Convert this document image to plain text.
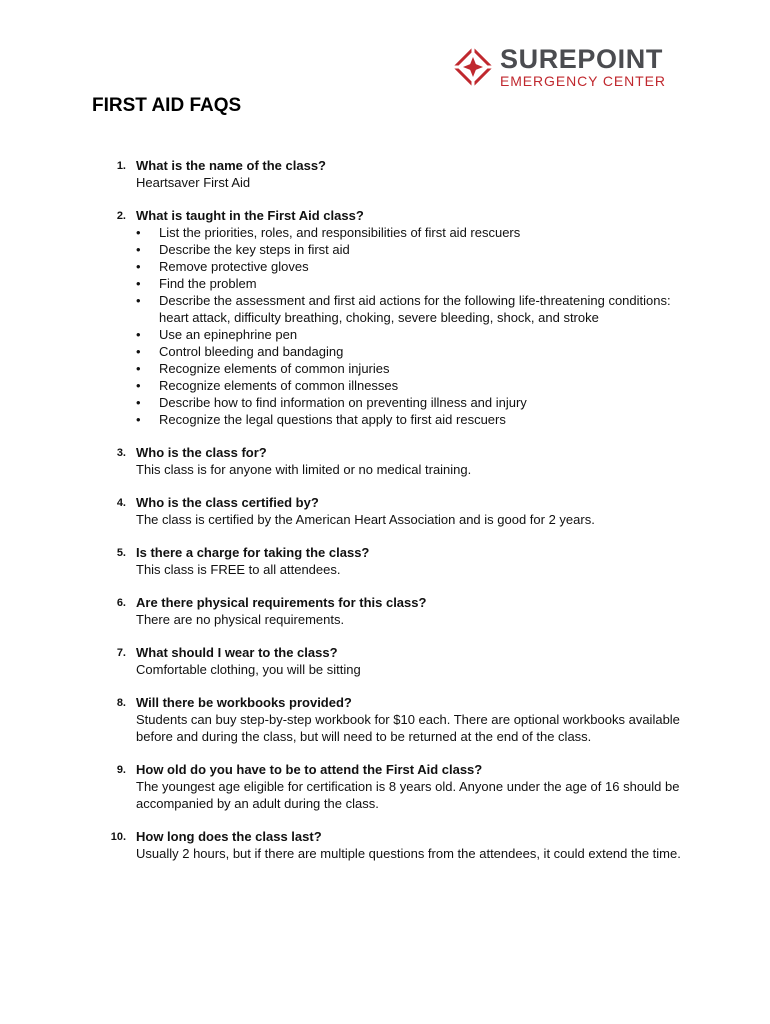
SUREPOINT
EMERGENCY CENTER
FIRST AID FAQS
1. What is the name of the class?
Heartsaver First Aid
2. What is taught in the First Aid class?
• List the priorities, roles, and responsibilities of first aid rescuers
• Describe the key steps in first aid
• Remove protective gloves
• Find the problem
• Describe the assessment and first aid actions for the following life-threatening conditions: heart attack, difficulty breathing, choking, severe bleeding, shock, and stroke
• Use an epinephrine pen
• Control bleeding and bandaging
• Recognize elements of common injuries
• Recognize elements of common illnesses
• Describe how to find information on preventing illness and injury
• Recognize the legal questions that apply to first aid rescuers
3. Who is the class for?
This class is for anyone with limited or no medical training.
4. Who is the class certified by?
The class is certified by the American Heart Association and is good for 2 years.
5. Is there a charge for taking the class?
This class is FREE to all attendees.
6. Are there physical requirements for this class?
There are no physical requirements.
7. What should I wear to the class?
Comfortable clothing, you will be sitting
8. Will there be workbooks provided?
Students can buy step-by-step workbook for $10 each. There are optional workbooks available before and during the class, but will need to be returned at the end of the class.
9. How old do you have to be to attend the First Aid class?
The youngest age eligible for certification is 8 years old. Anyone under the age of 16 should be accompanied by an adult during the class.
10. How long does the class last?
Usually 2 hours, but if there are multiple questions from the attendees, it could extend the time.
